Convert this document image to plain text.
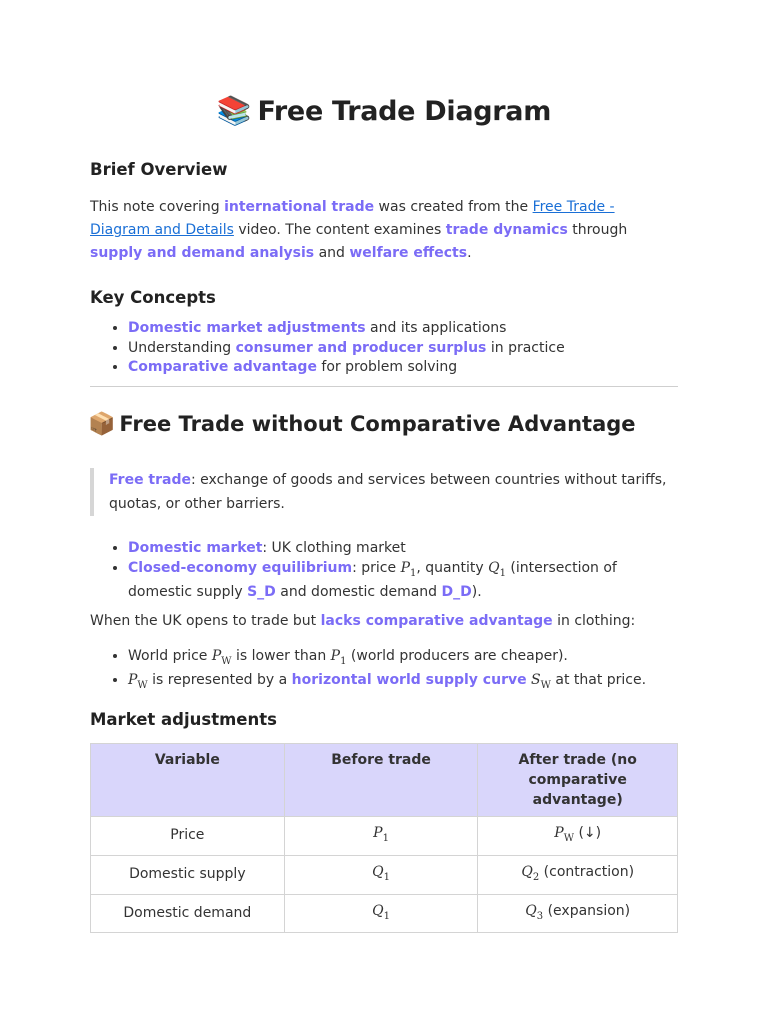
📚 Free Trade Diagram
Brief Overview
This note covering international trade was created from the Free Trade - Diagram and Details video. The content examines trade dynamics through supply and demand analysis and welfare effects.
Key Concepts
• Domestic market adjustments and its applications
• Understanding consumer and producer surplus in practice
• Comparative advantage for problem solving
📦 Free Trade without Comparative Advantage
Free trade: exchange of goods and services between countries without tariffs, quotas, or other barriers.
• Domestic market: UK clothing market
• Closed-economy equilibrium: price $P_1$, quantity $Q_1$ (intersection of domestic supply S_D and domestic demand D_D).
When the UK opens to trade but lacks comparative advantage in clothing:
• World price $P_W$ is lower than $P_1$ (world producers are cheaper).
• $P_W$ is represented by a horizontal world supply curve $S_W$ at that price.
Market adjustments
Variable	Before trade	After trade (no comparative advantage)
Price	$P_1$	$P_W$ (↓)
Domestic supply	$Q_1$	$Q_2$ (contraction)
Domestic demand	$Q_1$	$Q_3$ (expansion)
